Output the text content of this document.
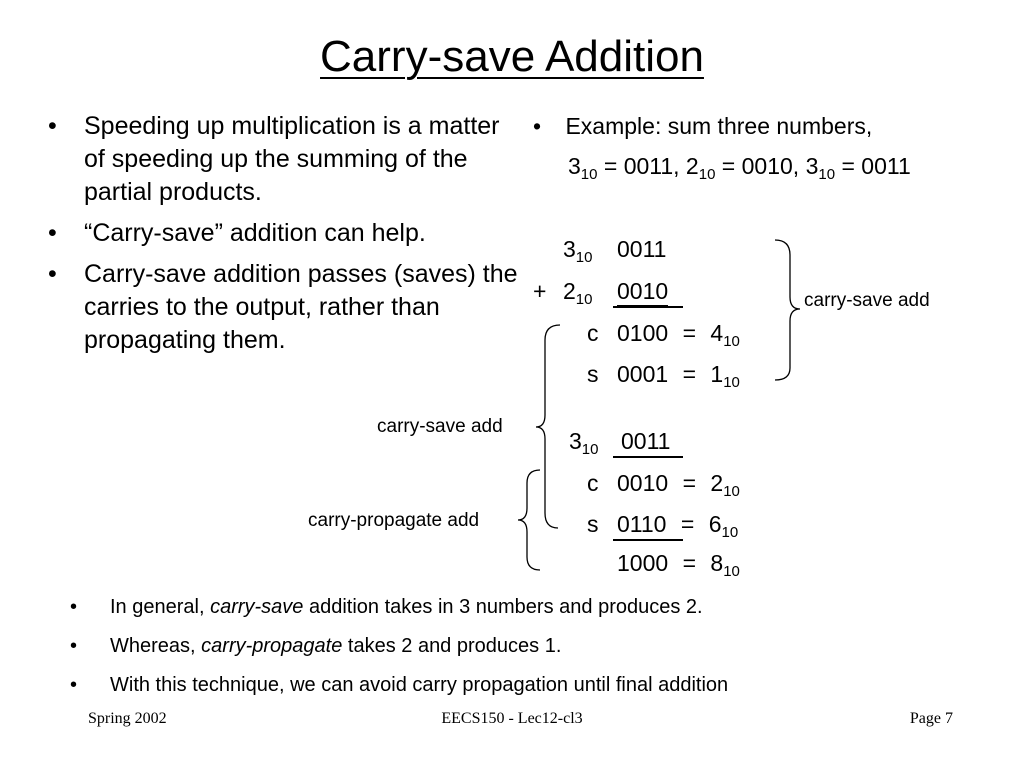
Carry-save Addition
• Speeding up multiplication is a matter of speeding up the summing of the partial products.
• “Carry-save” addition can help.
• Carry-save addition passes (saves) the carries to the output, rather than propagating them.
• Example: sum three numbers,
$3_{10} = 0011$, $2_{10} = 0010$, $3_{10} = 0011$
$3_{10}$ 0011
+ $2_{10}$ 0010
c $0100 = 4_{10}$
s $0001 = 1_{10}$
$3_{10}$ 0011
c $0010 = 2_{10}$
s $0110 = 6_{10}$
$1000 = 8_{10}$
carry-save add
carry-save add
carry-propagate add
• In general, carry-save addition takes in 3 numbers and produces 2.
• Whereas, carry-propagate takes 2 and produces 1.
• With this technique, we can avoid carry propagation until final addition
Spring 2002	EECS150 - Lec12-cl3	Page 7
